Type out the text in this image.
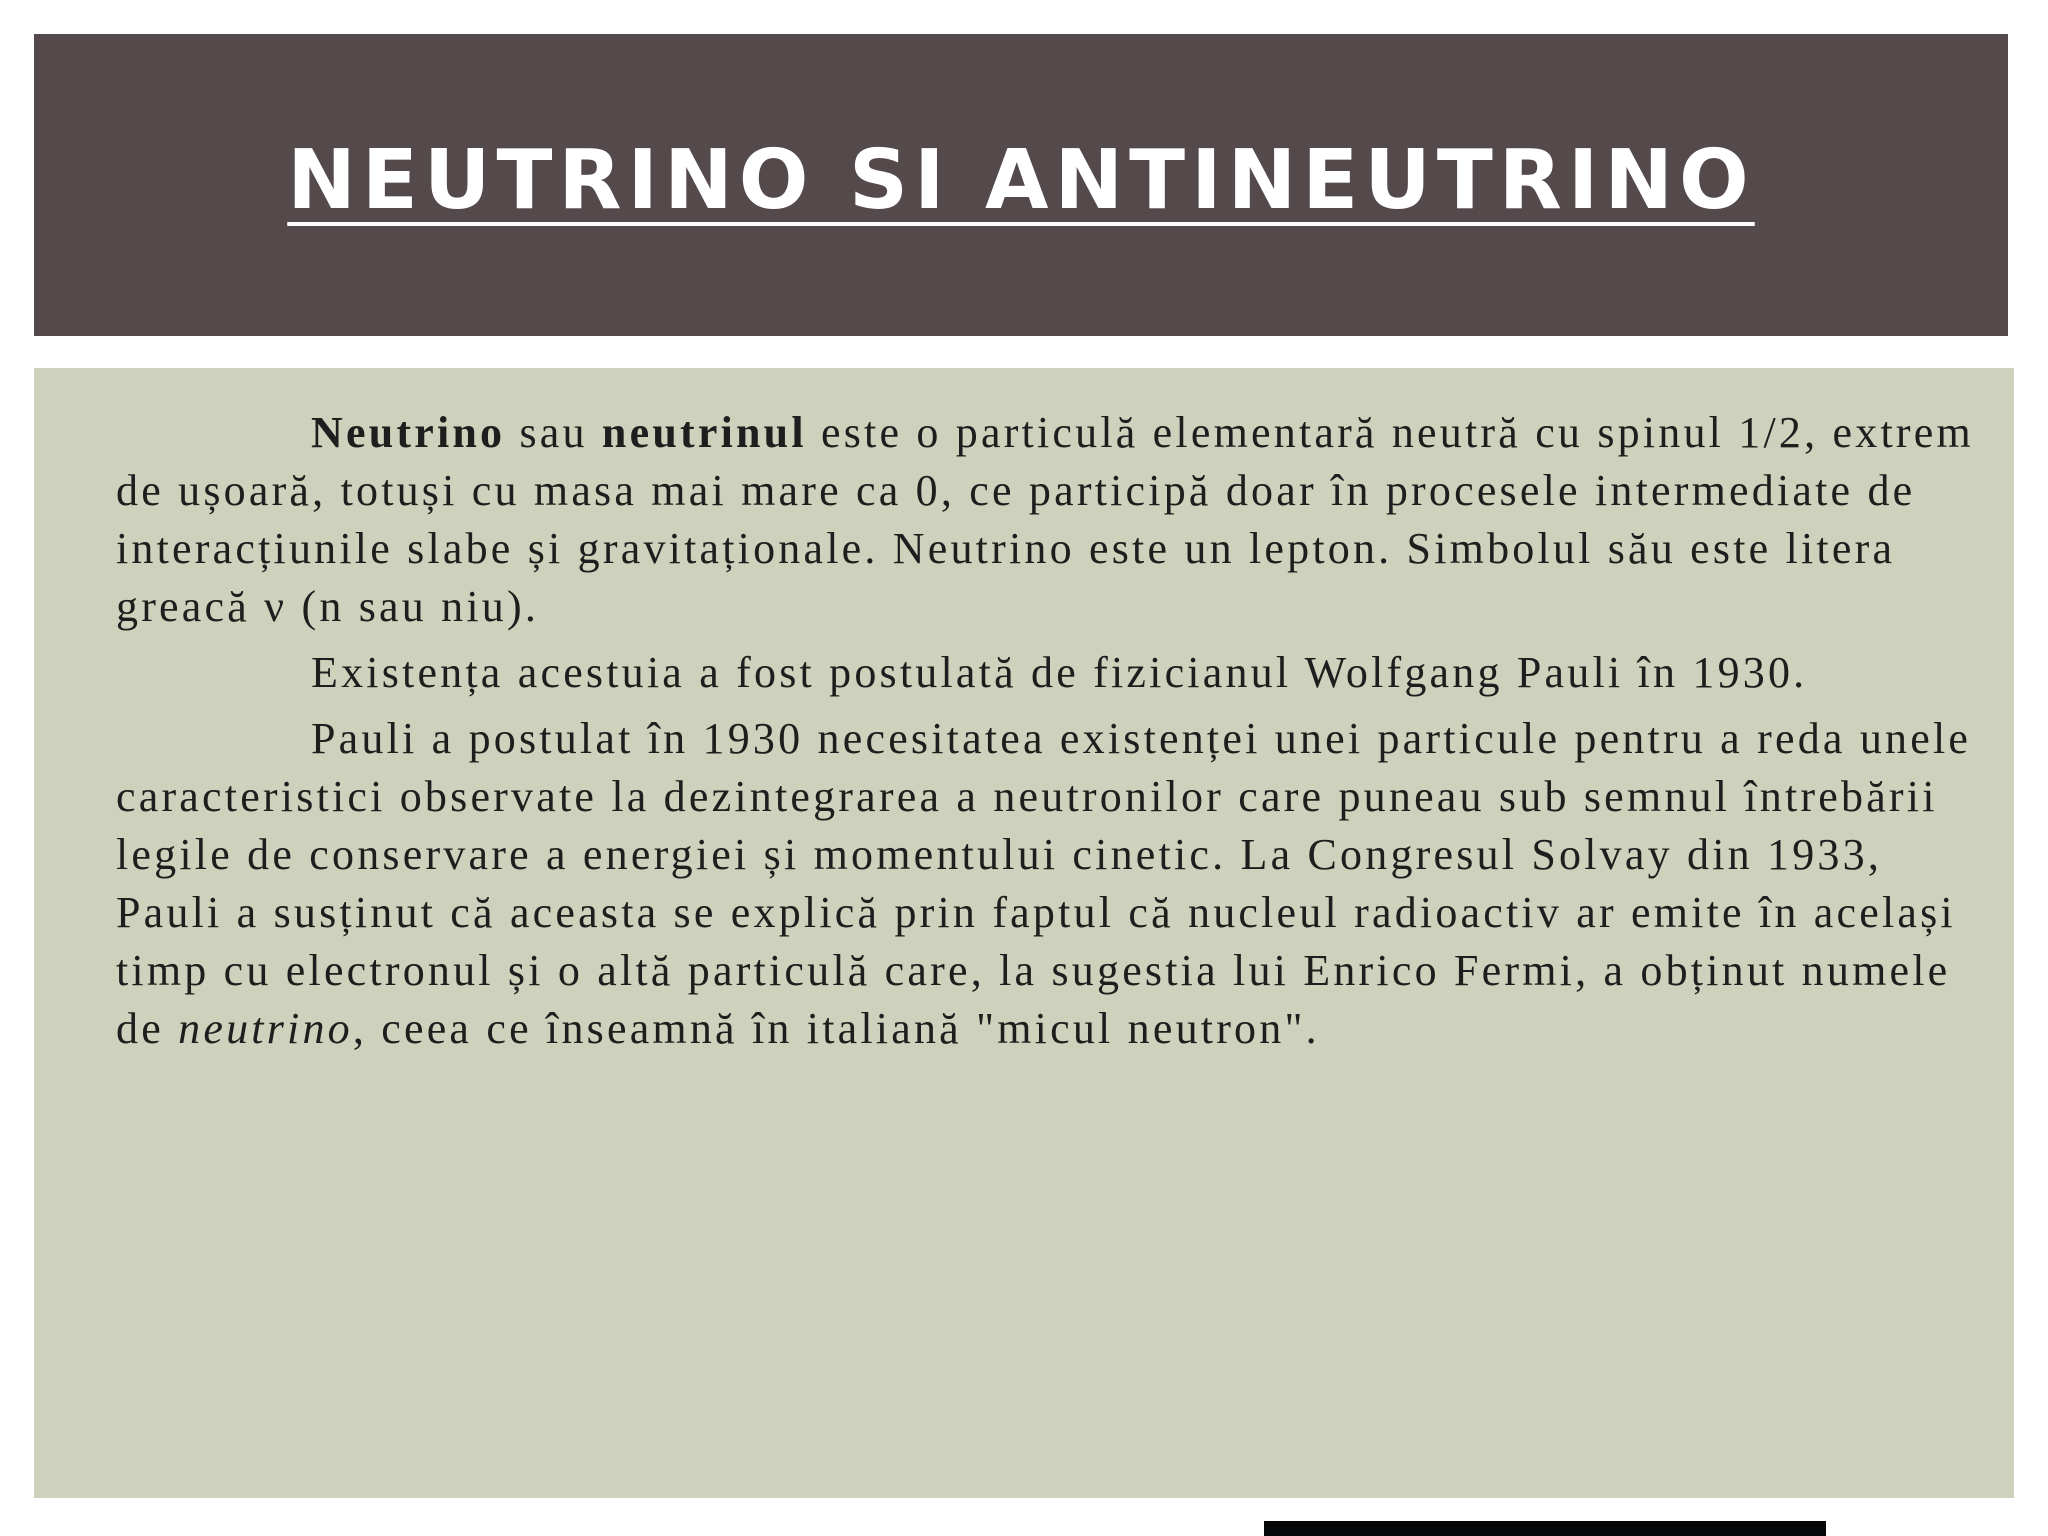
NEUTRINO SI ANTINEUTRINO

Neutrino sau neutrinul este o particulă elementară neutră cu spinul 1/2, extrem de ușoară, totuși cu masa mai mare ca 0, ce participă doar în procesele intermediate de interacțiunile slabe și gravitaționale. Neutrino este un lepton. Simbolul său este litera greacă ν (n sau niu).

Existența acestuia a fost postulată de fizicianul Wolfgang Pauli în 1930.

Pauli a postulat în 1930 necesitatea existenței unei particule pentru a reda unele caracteristici observate la dezintegrarea a neutronilor care puneau sub semnul întrebării legile de conservare a energiei și momentului cinetic. La Congresul Solvay din 1933, Pauli a susținut că aceasta se explică prin faptul că nucleul radioactiv ar emite în același timp cu electronul și o altă particulă care, la sugestia lui Enrico Fermi, a obținut numele de neutrino, ceea ce înseamnă în italiană "micul neutron".
